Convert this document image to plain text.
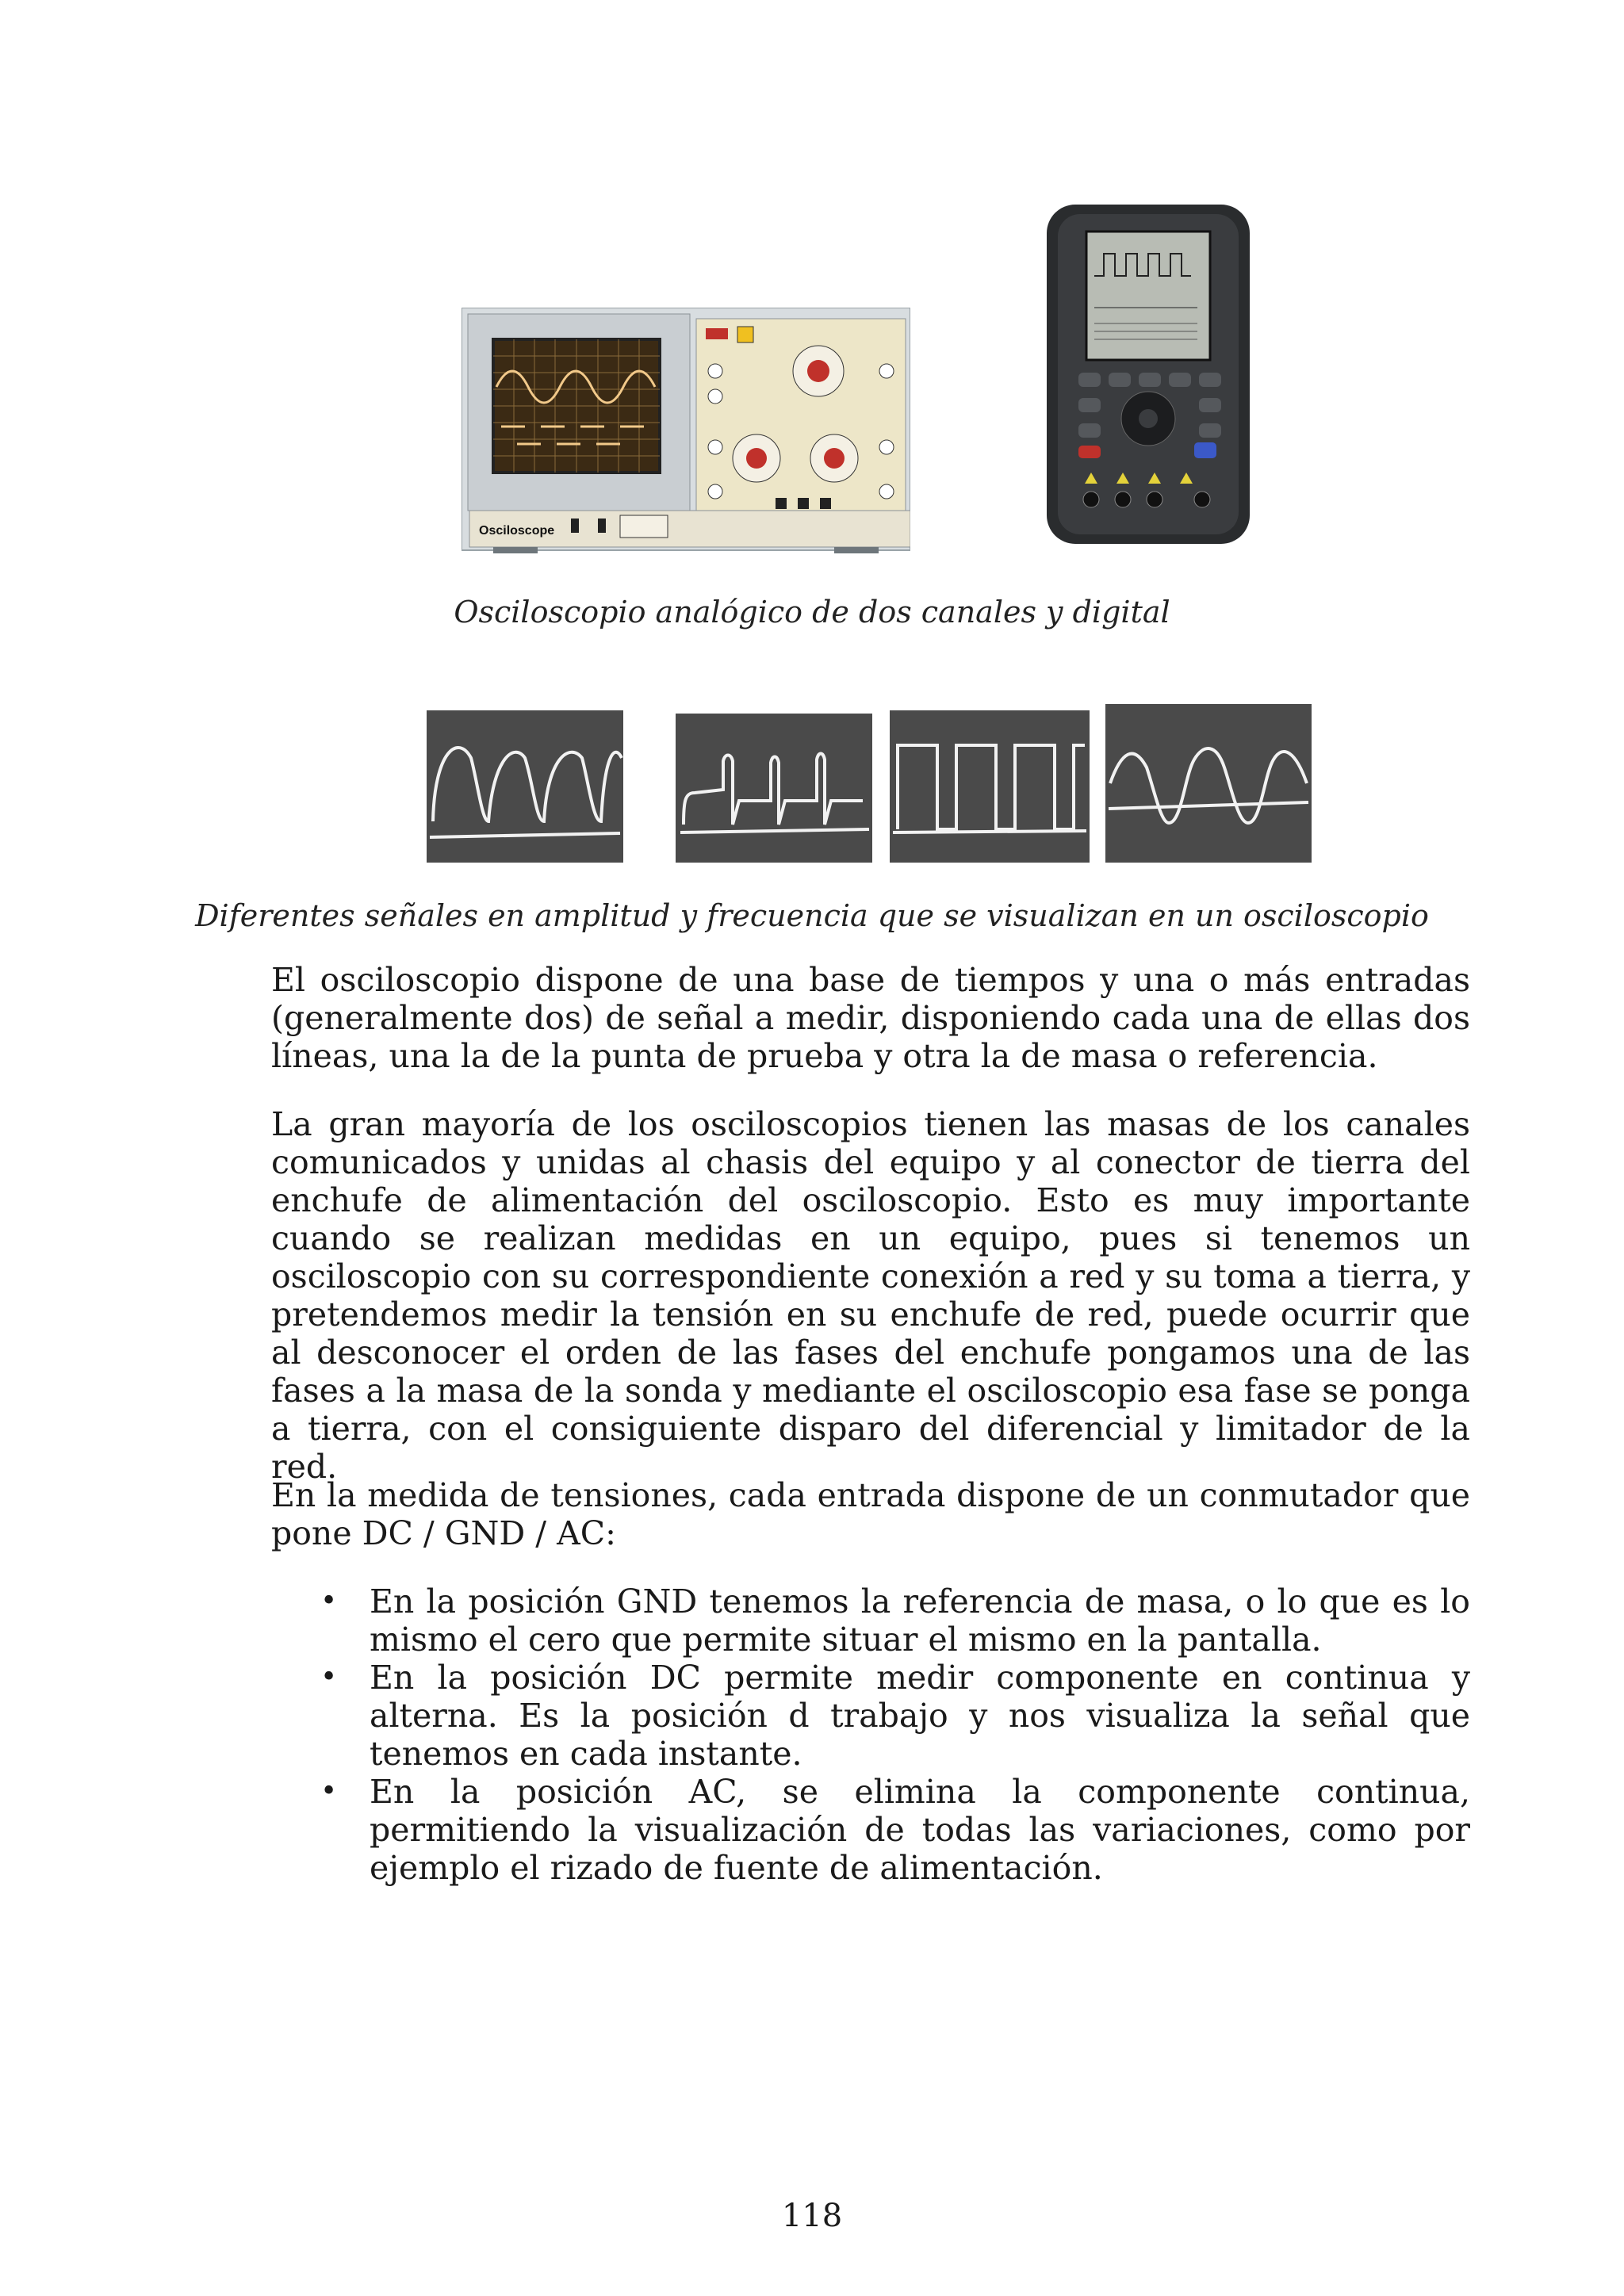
Osciloscope
Osciloscopio analógico de dos canales y digital
Diferentes señales en amplitud y frecuencia que se visualizan en un osciloscopio

El osciloscopio dispone de una base de tiempos y una o más entradas (generalmente dos) de señal a medir, disponiendo cada una de ellas dos líneas, una la de la punta de prueba y otra la de masa o referencia.

La gran mayoría de los osciloscopios tienen las masas de los canales comunicados y unidas al chasis del equipo y al conector de tierra del enchufe de alimentación del osciloscopio. Esto es muy importante cuando se realizan medidas en un equipo, pues si tenemos un osciloscopio con su correspondiente conexión a red y su toma a tierra, y pretendemos medir la tensión en su enchufe de red, puede ocurrir que al desconocer el orden de las fases del enchufe pongamos una de las fases a la masa de la sonda y mediante el osciloscopio esa fase se ponga a tierra, con el consiguiente disparo del diferencial y limitador de la red.

En la medida de tensiones, cada entrada dispone de un conmutador que pone DC / GND / AC:

• En la posición GND tenemos la referencia de masa, o lo que es lo mismo el cero que permite situar el mismo en la pantalla.
• En la posición DC permite medir componente en continua y alterna. Es la posición d trabajo y nos visualiza la señal que tenemos en cada instante.
• En la posición AC, se elimina la componente continua, permitiendo la visualización de todas las variaciones, como por ejemplo el rizado de fuente de alimentación.
118
